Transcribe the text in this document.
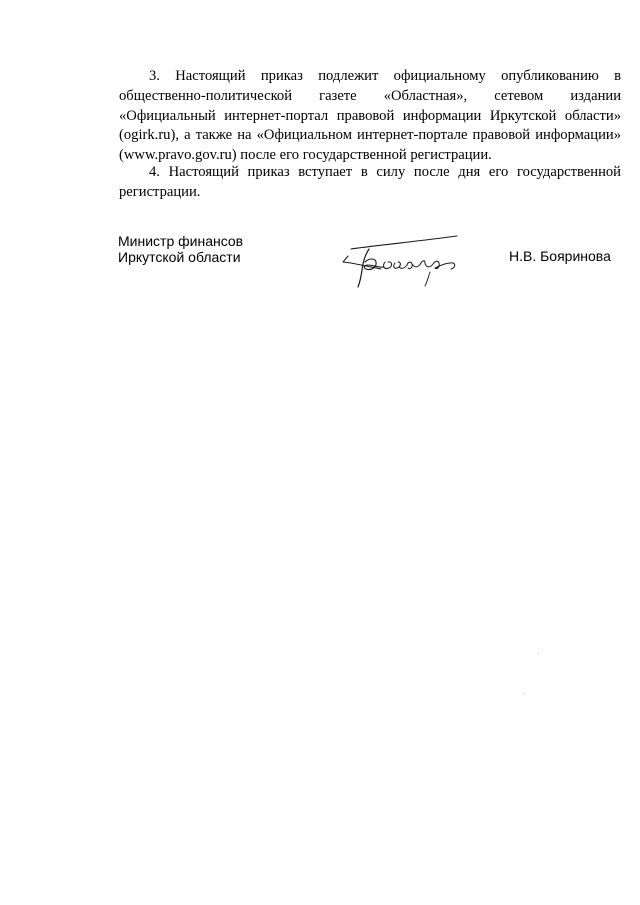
3. Настоящий приказ подлежит официальному опубликованию в общественно-политической газете «Областная», сетевом издании «Официальный интернет-портал правовой информации Иркутской области» (ogirk.ru), а также на «Официальном интернет-портале правовой информации» (www.pravo.gov.ru) после его государственной регистрации.

4. Настоящий приказ вступает в силу после дня его государственной регистрации.

Министр финансов
Иркутской области	Н.В. Бояринова
